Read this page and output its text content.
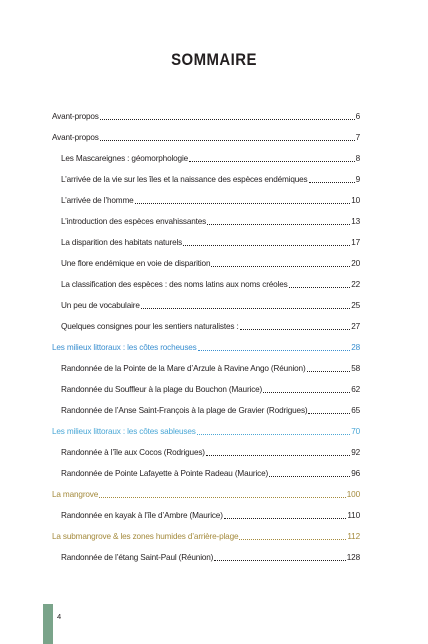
SOMMAIRE
Avant-propos	6
Avant-propos	7
Les Mascareignes : géomorphologie	8
L’arrivée de la vie sur les îles et la naissance des espèces endémiques	9
L’arrivée de l’homme	10
L’introduction des espèces envahissantes	13
La disparition des habitats naturels	17
Une flore endémique en voie de disparition	20
La classification des espèces : des noms latins aux noms créoles	22
Un peu de vocabulaire	25
Quelques consignes pour les sentiers naturalistes :	27
Les milieux littoraux : les côtes rocheuses	28
Randonnée de la Pointe de la Mare d’Arzule à Ravine Ango (Réunion)	58
Randonnée du Souffleur à la plage du Bouchon (Maurice)	62
Randonnée de l’Anse Saint-François à la plage de Gravier (Rodrigues)	65
Les milieux littoraux : les côtes sableuses	70
Randonnée à l’île aux Cocos (Rodrigues)	92
Randonnée de Pointe Lafayette à Pointe Radeau (Maurice)	96
La mangrove	100
Randonnée en kayak à l’île d’Ambre (Maurice)	110
La submangrove & les zones humides d’arrière-plage	112
Randonnée de l’étang Saint-Paul (Réunion)	128
4
